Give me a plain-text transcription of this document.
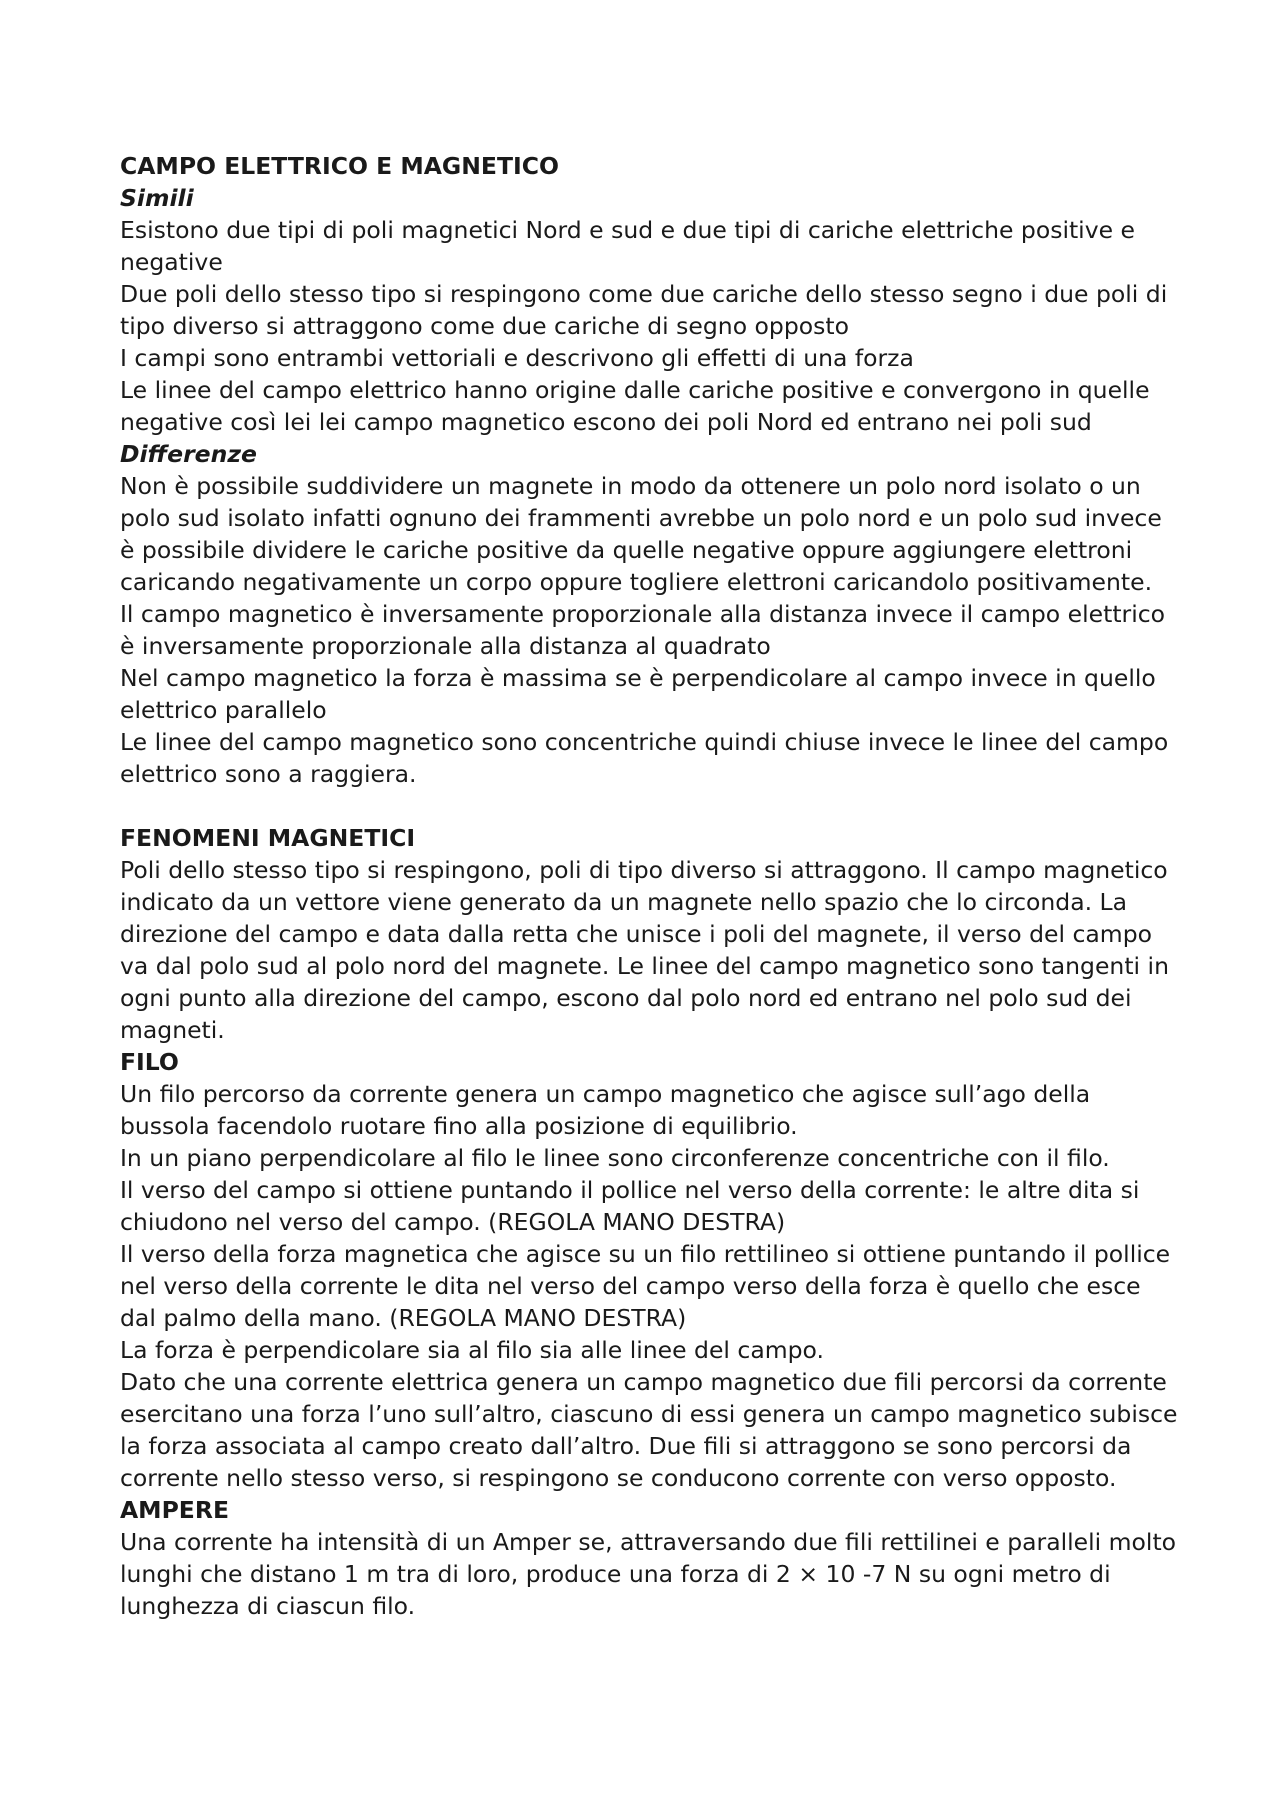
CAMPO ELETTRICO E MAGNETICO
Simili

Esistono due tipi di poli magnetici Nord e sud e due tipi di cariche elettriche positive e negative

Due poli dello stesso tipo si respingono come due cariche dello stesso segno i due poli di tipo diverso si attraggono come due cariche di segno opposto

I campi sono entrambi vettoriali e descrivono gli effetti di una forza

Le linee del campo elettrico hanno origine dalle cariche positive e convergono in quelle negative così lei lei campo magnetico escono dei poli Nord ed entrano nei poli sud

Differenze

Non è possibile suddividere un magnete in modo da ottenere un polo nord isolato o un polo sud isolato infatti ognuno dei frammenti avrebbe un polo nord e un polo sud invece è possibile dividere le cariche positive da quelle negative oppure aggiungere elettroni caricando negativamente un corpo oppure togliere elettroni caricandolo positivamente.

Il campo magnetico è inversamente proporzionale alla distanza invece il campo elettrico è inversamente proporzionale alla distanza al quadrato

Nel campo magnetico la forza è massima se è perpendicolare al campo invece in quello elettrico parallelo

Le linee del campo magnetico sono concentriche quindi chiuse invece le linee del campo elettrico sono a raggiera.

FENOMENI MAGNETICI

Poli dello stesso tipo si respingono, poli di tipo diverso si attraggono. Il campo magnetico indicato da un vettore viene generato da un magnete nello spazio che lo circonda. La direzione del campo e data dalla retta che unisce i poli del magnete, il verso del campo va dal polo sud al polo nord del magnete. Le linee del campo magnetico sono tangenti in ogni punto alla direzione del campo, escono dal polo nord ed entrano nel polo sud dei magneti.

FILO

Un filo percorso da corrente genera un campo magnetico che agisce sull’ago della bussola facendolo ruotare fino alla posizione di equilibrio.

In un piano perpendicolare al filo le linee sono circonferenze concentriche con il filo.

Il verso del campo si ottiene puntando il pollice nel verso della corrente: le altre dita si chiudono nel verso del campo. (REGOLA MANO DESTRA)

Il verso della forza magnetica che agisce su un filo rettilineo si ottiene puntando il pollice nel verso della corrente le dita nel verso del campo verso della forza è quello che esce dal palmo della mano. (REGOLA MANO DESTRA)

La forza è perpendicolare sia al filo sia alle linee del campo.

Dato che una corrente elettrica genera un campo magnetico due fili percorsi da corrente esercitano una forza l’uno sull’altro, ciascuno di essi genera un campo magnetico subisce la forza associata al campo creato dall’altro. Due fili si attraggono se sono percorsi da corrente nello stesso verso, si respingono se conducono corrente con verso opposto.

AMPERE

Una corrente ha intensità di un Amper se, attraversando due fili rettilinei e paralleli molto lunghi che distano 1 m tra di loro, produce una forza di 2 × 10 -7 N su ogni metro di lunghezza di ciascun filo.
